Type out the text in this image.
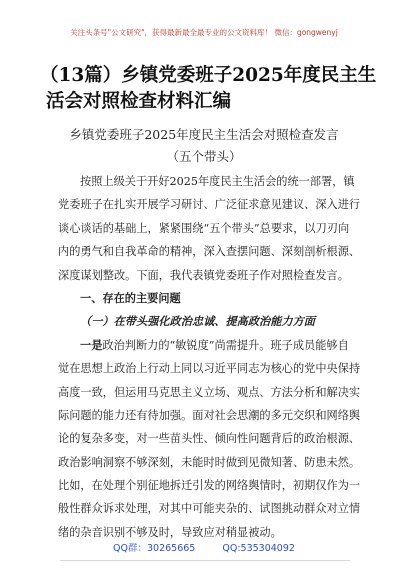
关注头条号"公文研究"，获得最新最全最专业的公文资料库！ 微信：gongwenyj
（13篇）乡镇党委班子2025年度民主生
活会对照检查材料汇编
乡镇党委班子2025年度民主生活会对照检查发言
（五个带头）
按照上级关于开好2025年度民主生活会的统一部署，镇
党委班子在扎实开展学习研讨、广泛征求意见建议、深入进行
谈心谈话的基础上，紧紧围绕“五个带头”总要求，以刀刃向
内的勇气和自我革命的精神，深入查摆问题、深刻剖析根源、
深度谋划整改。下面，我代表镇党委班子作对照检查发言。
一、存在的主要问题
（一）在带头强化政治忠诚、提高政治能力方面
一是政治判断力的“敏锐度”尚需提升。班子成员能够自
觉在思想上政治上行动上同以习近平同志为核心的党中央保持
高度一致，但运用马克思主义立场、观点、方法分析和解决实
际问题的能力还有待加强。面对社会思潮的多元交织和网络舆
论的复杂多变，对一些苗头性、倾向性问题背后的政治根源、
政治影响洞察不够深刻，未能时时做到见微知著、防患未然。
比如，在处理个别征地拆迁引发的网络舆情时，初期仅作为一
般性群众诉求处理，对其中可能夹杂的、试图挑动群众对立情
绪的杂音识别不够及时，导致应对稍显被动。
QQ群：30265665	QQ:535304092
